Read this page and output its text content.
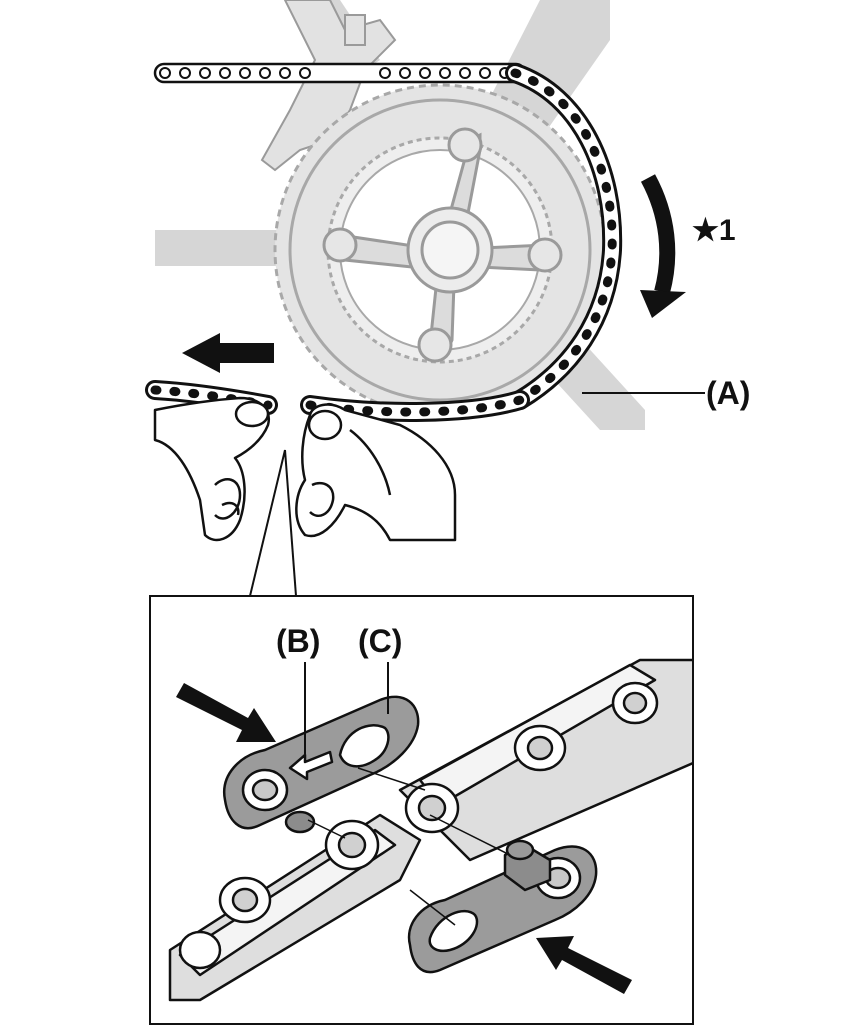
★1
(A)
(B) (C)
